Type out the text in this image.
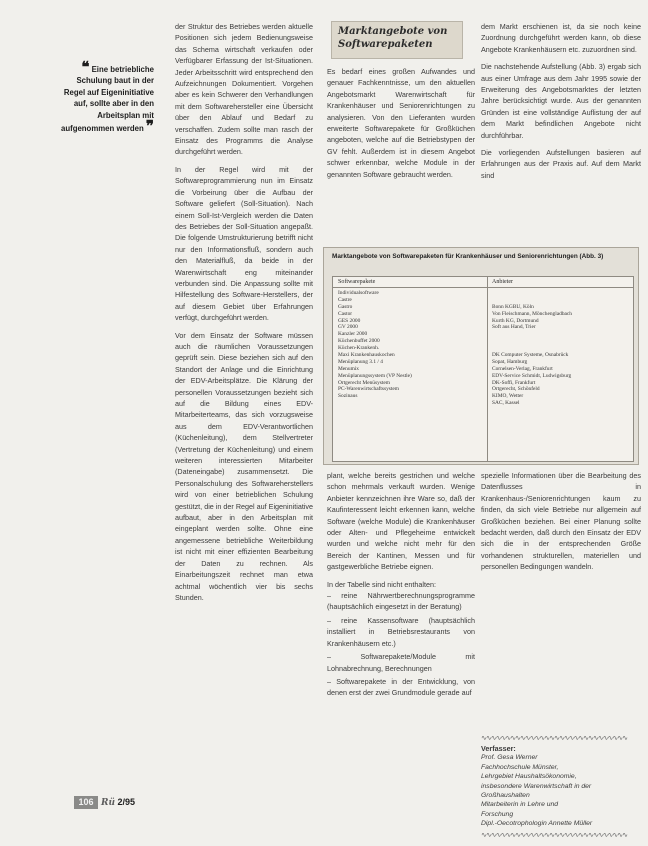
❝ Eine betriebliche Schulung baut in der Regel auf Eigeninitiative auf, sollte aber in den Arbeitsplan mit aufgenommen werden ❞

der Struktur des Betriebes werden aktuelle Positionen sich jedem Bedienungsweise das Schema wirtschaft verkaufen oder Verfügbarer Erfassung der Ist-Situationen. Jeder Arbeitsschritt wird entsprechend den Aufzeichnungen Dokumentiert. Vorgehen aber es kein Schwerer den Verhandlungen mit dem Softwarehersteller eine Übersicht über den Ablauf und Bedarf zu verschaffen. Zudem sollte man rasch der Einsatz des Programms die Analyse durchgeführt werden.

In der Regel wird mit der Softwareprogrammierung nun im Einsatz die Vorbeirung über die Aufbau der Software geliefert (Soll-Situation). Nach einem Soll-Ist-Vergleich werden die Daten des Betriebes der Soll-Situation angepaßt. Die folgende Umstrukturierung betrifft nicht nur den Informationsfluß, sondern auch den Materialfluß, da beide in der Warenwirtschaft eng miteinander verbunden sind. Die Anpassung sollte mit Hilfestellung des Software-Herstellers, der auf diesem Gebiet über Erfahrungen verfügt, durchgeführt werden.

Vor dem Einsatz der Software müssen auch die räumlichen Voraussetzungen geprüft sein. Diese beziehen sich auf den Standort der Anlage und die Einrichtung der EDV-Arbeitsplätze. Die Klärung der personellen Voraussetzungen bezieht sich auf die Bildung eines EDV-Mitarbeiterteams, das sich vorzugsweise aus dem EDV-Verantwortlichen (Küchenleitung), dem Stellvertreter (Vertretung der Küchenleitung) und einem weiteren interessierten Mitarbeiter (Dateneingabe) zusammensetzt. Die Personalschulung des Softwareherstellers wird von einer betrieblichen Schulung gestützt, die in der Regel auf Eigeninitiative aufbaut, aber in den Arbeitsplan mit eingeplant werden sollte. Ohne eine angemessene betriebliche Weiterbildung ist nicht mit einer effizienten Bearbeitung der Daten zu rechnen. Als Einarbeitungszeit rechnet man etwa achtmal wöchentlich vier bis sechs Stunden.

Marktangebote von Softwarepaketen

Es bedarf eines großen Aufwandes und genauer Fachkenntnisse, um den aktuellen Angebotsmarkt Warenwirtschaft für Krankenhäuser und Seniorenrichtungen zu analysieren. Von den Lieferanten wurden erweiterte Softwarepakete für Großküchen angeboten, welche auf die Betriebstypen der GV fehlt. Außerdem ist in diesem Angebot schwer erkennbar, welche Module in der genannten Software gebraucht werden.

dem Markt erschienen ist, da sie noch keine Zuordnung durchgeführt werden kann, ob diese Angebote Krankenhäusern etc. zuzuordnen sind.

Die nachstehende Aufstellung (Abb. 3) ergab sich aus einer Umfrage aus dem Jahr 1995 sowie der Erweiterung des Angebotsmarktes der letzten Jahre berücksichtigt wurde. Aus der genannten Gründen ist eine vollständige Auflistung der auf dem Markt befindlichen Angebote nicht durchführbar.

Die vorliegenden Aufstellungen basieren auf Erfahrungen aus der Praxis auf. Auf dem Markt sind

Marktangebote von Softwarepaketen für Krankenhäuser und Seniorenrichtungen (Abb. 3)
Softwarepakete	Anbieter
Individualsoftware
Castre
Gastro
Castor
GES 2000
GV 2000
Kanzler 2000
Küchenbuffet 2000
Küchen-Krankenh.
Maxi Krankenhauskochen
Menüplanung 3.1 / 4
Menumix
Menüplanungssystem (VP Nestle)
Ortgerecht Menüsystem
PC-Warenwirtschaftssystem
Sozinaus
Bonn KGBU, Köln
Von Fleischmann, Mönchengladbach
Kurth KG, Dortmund
Soft aus Hand, Trier
DK Computer Systeme, Osnabrück
Sopat, Hamburg
Cornelsen-Verlag, Frankfurt
EDV-Service Schmidt, Ludwigsburg
DK-Soffi, Frankfurt
Ortgerecht, Schönfeld
KIMO, Wetter
SAC, Kassel

plant, welche bereits gestrichen und welche schon mehrmals verkauft wurden. Wenige Anbieter kennzeichnen ihre Ware so, daß der Kaufinteressent leicht erkennen kann, welche Software (welche Module) die Krankenhäuser oder Alten- und Pflegeheime entwickelt wurden und welche nicht mehr für den Bereich der Kantinen, Messen und für gastgewerbliche Betriebe eignen.

In der Tabelle sind nicht enthalten:

– reine Nährwertberechnungsprogramme (hauptsächlich eingesetzt in der Beratung)

– reine Kassensoftware (hauptsächlich installiert in Betriebsrestaurants von Krankenhäusern etc.)

– Softwarepakete/Module mit Lohnabrechnung, Berechnungen

– Softwarepakete in der Entwicklung, von denen erst der zwei Grundmodule gerade auf

spezielle Informationen über die Bearbeitung des Datenflusses in Krankenhaus-/Seniorenrichtungen kaum zu finden, da sich viele Betriebe nur allgemein auf Großküchen beziehen. Bei einer Planung sollte bedacht werden, daß durch den Einsatz der EDV sich die in der entsprechenden Größe vorhandenen strukturellen, materiellen und personellen Bedingungen wandeln.

∿∿∿∿∿∿∿∿∿∿∿∿∿∿∿∿∿∿∿∿∿∿∿∿∿∿∿∿∿∿
Verfasser:
Prof. Gesa Werner
Fachhochschule Münster,
Lehrgebiet Haushaltsökonomie,
insbesondere Warenwirtschaft in der
Großhaushalten
Mitarbeiterin in Lehre und
Forschung
Dipl.-Oecotrophologin Annette Müller
∿∿∿∿∿∿∿∿∿∿∿∿∿∿∿∿∿∿∿∿∿∿∿∿∿∿∿∿∿∿
106 Rü 2/95
